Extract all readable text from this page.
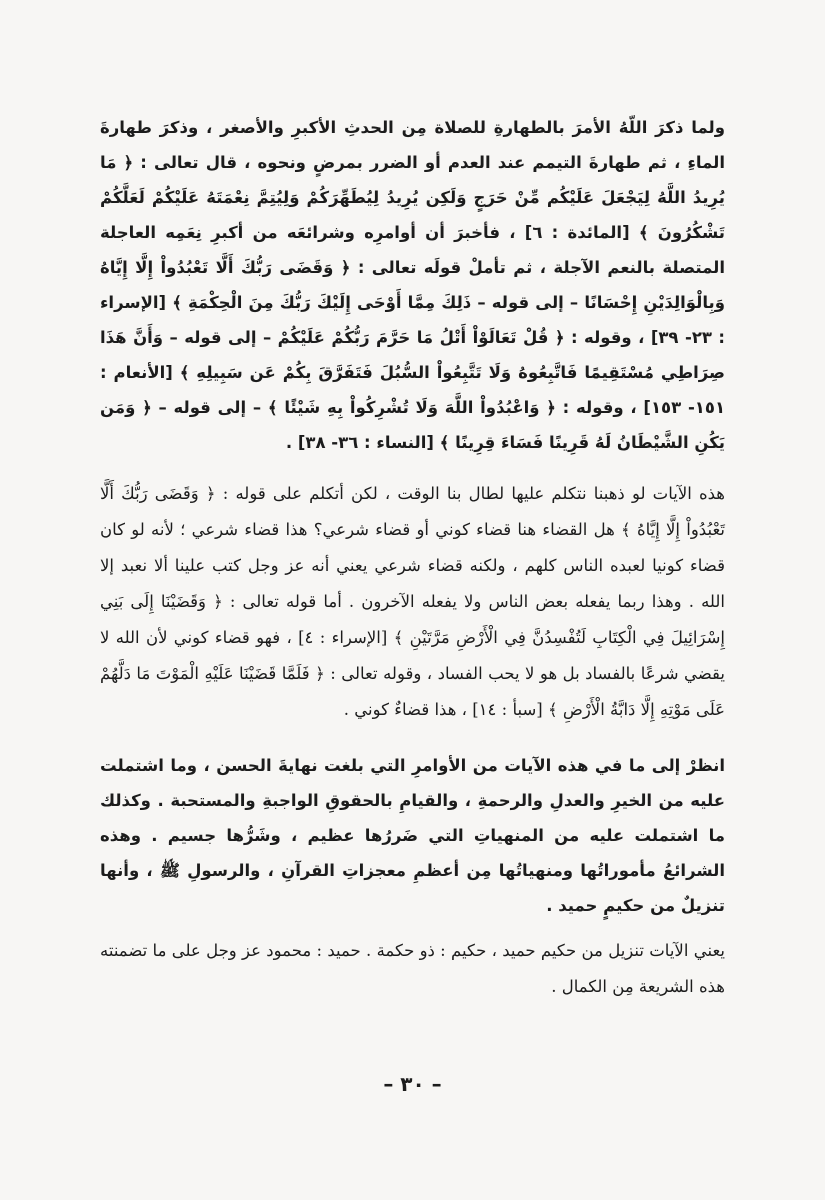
ولما ذكرَ اللّهُ الأمرَ بالطهارةِ للصلاة مِن الحدثِ الأكبرِ والأصغر ، وذكرَ طهارةَ الماءِ ، ثم طهارةَ التيمم عند العدم أو الضرر بمرضٍ ونحوه ، قال تعالى : ﴿ مَا يُرِيدُ اللَّهُ لِيَجْعَلَ عَلَيْكُم مِّنْ حَرَجٍ وَلَكِن يُرِيدُ لِيُطَهِّرَكُمْ وَلِيُتِمَّ نِعْمَتَهُ عَلَيْكُمْ لَعَلَّكُمْ تَشْكُرُونَ ﴾ [المائدة : ٦] ، فأخبرَ أن أوامرِه وشرائعَه من أكبرِ نِعَمِه العاجلة المتصلة بالنعم الآجلة ، ثم تأملْ قولَه تعالى : ﴿ وَقَضَى رَبُّكَ أَلَّا تَعْبُدُواْ إِلَّا إِيَّاهُ وَبِالْوَالِدَيْنِ إِحْسَانًا – إلى قوله – ذَلِكَ مِمَّا أَوْحَى إِلَيْكَ رَبُّكَ مِنَ الْحِكْمَةِ ﴾ [الإسراء : ٢٣- ٣٩] ، وقوله : ﴿ قُلْ تَعَالَوْاْ أَتْلُ مَا حَرَّمَ رَبُّكُمْ عَلَيْكُمْ – إلى قوله – وَأَنَّ هَذَا صِرَاطِي مُسْتَقِيمًا فَاتَّبِعُوهُ وَلَا تَتَّبِعُواْ السُّبُلَ فَتَفَرَّقَ بِكُمْ عَن سَبِيلِهِ ﴾ [الأنعام : ١٥١- ١٥٣] ، وقوله : ﴿ وَاعْبُدُواْ اللَّهَ وَلَا تُشْرِكُواْ بِهِ شَيْئًا ﴾ – إلى قوله – ﴿ وَمَن يَكُنِ الشَّيْطَانُ لَهُ قَرِينًا فَسَاءَ قِرِينًا ﴾ [النساء : ٣٦- ٣٨] .

هذه الآيات لو ذهبنا نتكلم عليها لطال بنا الوقت ، لكن أتكلم على قوله : ﴿ وَقَضَى رَبُّكَ أَلَّا تَعْبُدُواْ إِلَّا إِيَّاهُ ﴾ هل القضاء هنا قضاء كوني أو قضاء شرعي؟ هذا قضاء شرعي ؛ لأنه لو كان قضاء كونيا لعبده الناس كلهم ، ولكنه قضاء شرعي يعني أنه عز وجل كتب علينا ألا نعبد إلا الله . وهذا ربما يفعله بعض الناس ولا يفعله الآخرون . أما قوله تعالى : ﴿ وَقَضَيْنَا إِلَى بَنِي إِسْرَائِيلَ فِي الْكِتَابِ لَتُفْسِدُنَّ فِي الْأَرْضِ مَرَّتَيْنِ ﴾ [الإسراء : ٤] ، فهو قضاء كوني لأن الله لا يقضي شرعًا بالفساد بل هو لا يحب الفساد ، وقوله تعالى : ﴿ فَلَمَّا قَضَيْنَا عَلَيْهِ الْمَوْتَ مَا دَلَّهُمْ عَلَى مَوْتِهِ إِلَّا دَابَّةُ الْأَرْضِ ﴾ [سبأ : ١٤] ، هذا قضاءٌ كوني .

انظرْ إلى ما في هذه الآيات من الأوامرِ التي بلغت نهايةَ الحسن ، وما اشتملت عليه من الخيرِ والعدلِ والرحمةِ ، والقيامِ بالحقوقِ الواجبةِ والمستحبة . وكذلك ما اشتملت عليه من المنهياتِ التي ضَررُها عظيم ، وشَرُّها جسيم . وهذه الشرائعُ مأموراتُها ومنهياتُها مِن أعظمِ معجزاتِ القرآنِ ، والرسولِ ﷺ ، وأنها تنزيلٌ من حكيمٍ حميد .

يعني الآيات تنزيل من حكيم حميد ، حكيم : ذو حكمة . حميد : محمود عز وجل على ما تضمنته هذه الشريعة مِن الكمال .

– ٣٠ –
